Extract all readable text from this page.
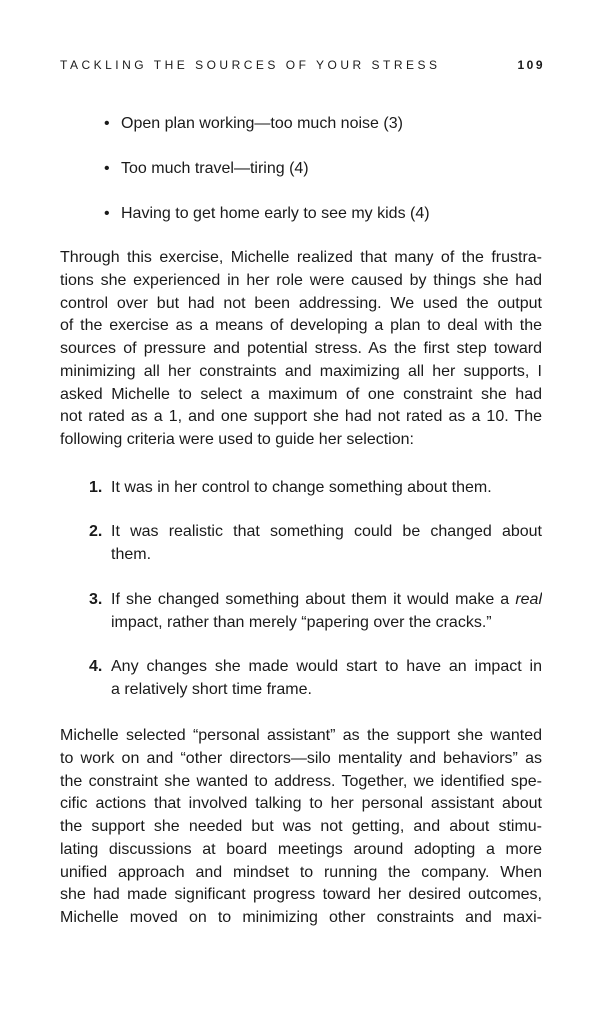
TACKLING THE SOURCES OF YOUR STRESS	109
• Open plan working—too much noise (3)
• Too much travel—tiring (4)
• Having to get home early to see my kids (4)
Through this exercise, Michelle realized that many of the frustra-
tions she experienced in her role were caused by things she had
control over but had not been addressing. We used the output
of the exercise as a means of developing a plan to deal with the
sources of pressure and potential stress. As the first step toward
minimizing all her constraints and maximizing all her supports, I
asked Michelle to select a maximum of one constraint she had
not rated as a 1, and one support she had not rated as a 10. The
following criteria were used to guide her selection:
1. It was in her control to change something about them.
2. It was realistic that something could be changed about
them.
3. If she changed something about them it would make a real
impact, rather than merely “papering over the cracks.”
4. Any changes she made would start to have an impact in
a relatively short time frame.
Michelle selected “personal assistant” as the support she wanted
to work on and “other directors—silo mentality and behaviors” as
the constraint she wanted to address. Together, we identified spe-
cific actions that involved talking to her personal assistant about
the support she needed but was not getting, and about stimu-
lating discussions at board meetings around adopting a more
unified approach and mindset to running the company. When
she had made significant progress toward her desired outcomes,
Michelle moved on to minimizing other constraints and maxi-
